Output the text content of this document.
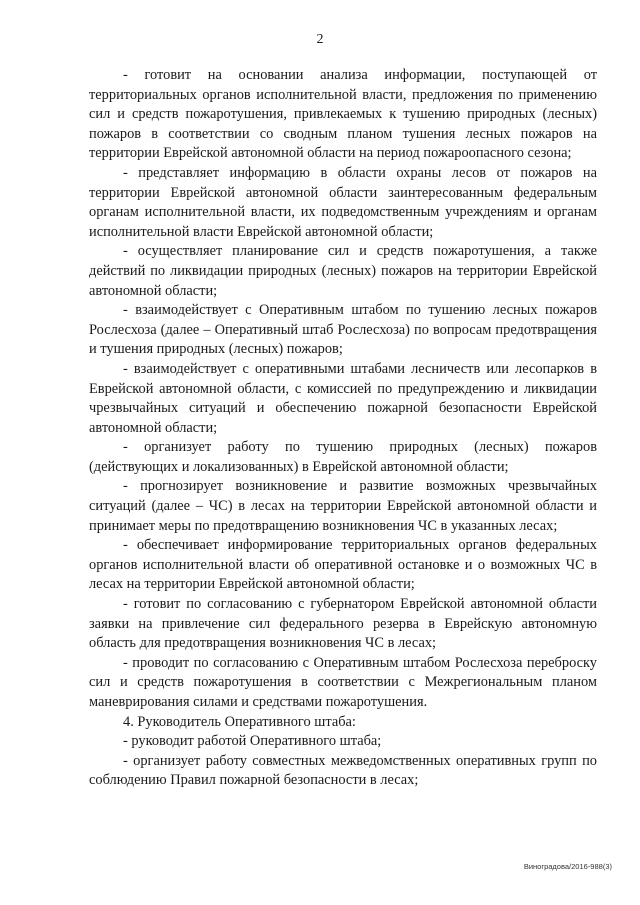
2

- готовит на основании анализа информации, поступающей от территориальных органов исполнительной власти, предложения по применению сил и средств пожаротушения, привлекаемых к тушению природных (лесных) пожаров в соответствии со сводным планом тушения лесных пожаров на территории Еврейской автономной области на период пожароопасного сезона;

- представляет информацию в области охраны лесов от пожаров на территории Еврейской автономной области заинтересованным федеральным органам исполнительной власти, их подведомственным учреждениям и органам исполнительной власти Еврейской автономной области;

- осуществляет планирование сил и средств пожаротушения, а также действий по ликвидации природных (лесных) пожаров на территории Еврейской автономной области;

- взаимодействует с Оперативным штабом по тушению лесных пожаров Рослесхоза (далее – Оперативный штаб Рослесхоза) по вопросам предотвращения и тушения природных (лесных) пожаров;

- взаимодействует с оперативными штабами лесничеств или лесопарков в Еврейской автономной области, с комиссией по предупреждению и ликвидации чрезвычайных ситуаций и обеспечению пожарной безопасности Еврейской автономной области;

- организует работу по тушению природных (лесных) пожаров (действующих и локализованных) в Еврейской автономной области;

- прогнозирует возникновение и развитие возможных чрезвычайных ситуаций (далее – ЧС) в лесах на территории Еврейской автономной области и принимает меры по предотвращению возникновения ЧС в указанных лесах;

- обеспечивает информирование территориальных органов федеральных органов исполнительной власти об оперативной остановке и о возможных ЧС в лесах на территории Еврейской автономной области;

- готовит по согласованию с губернатором Еврейской автономной области заявки на привлечение сил федерального резерва в Еврейскую автономную область для предотвращения возникновения ЧС в лесах;

- проводит по согласованию с Оперативным штабом Рослесхоза переброску сил и средств пожаротушения в соответствии с Межрегиональным планом маневрирования силами и средствами пожаротушения.

4. Руководитель Оперативного штаба:

- руководит работой Оперативного штаба;

- организует работу совместных межведомственных оперативных групп по соблюдению Правил пожарной безопасности в лесах;

Виноградова/2016-988(3)
